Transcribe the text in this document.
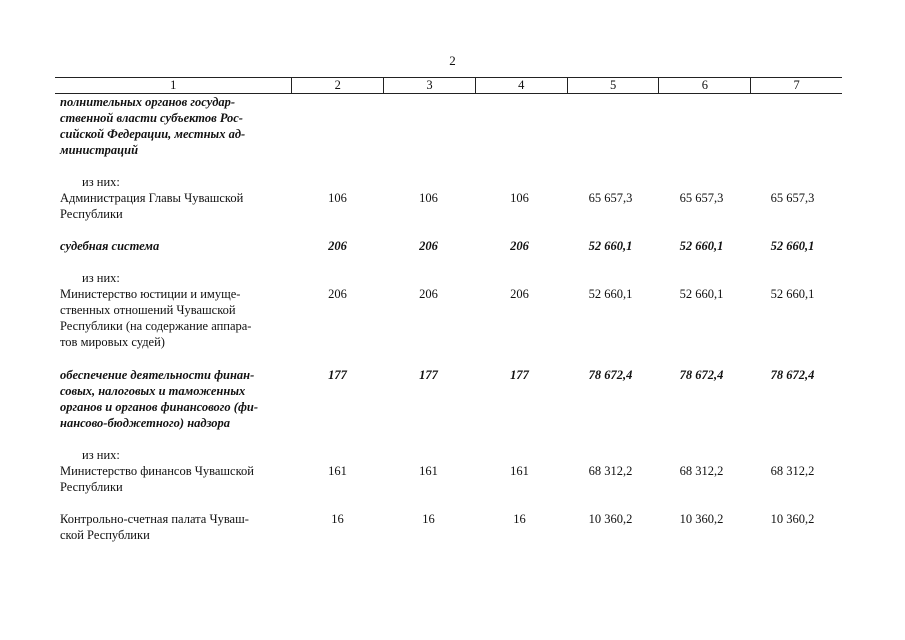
2
1	2	3	4	5	6	7
полнительных органов государ-
ственной власти субъектов Рос-
сийской Федерации, местных ад-
министраций
из них:
Администрация Главы Чувашской
Республики
106	106	106	65 657,3	65 657,3	65 657,3
судебная система	206	206	206	52 660,1	52 660,1	52 660,1
из них:
Министерство юстиции и имуще-
ственных отношений Чувашской
Республики (на содержание аппара-
тов мировых судей)
206	206	206	52 660,1	52 660,1	52 660,1
обеспечение деятельности финан-
совых, налоговых и таможенных
органов и органов финансового (фи-
нансово-бюджетного) надзора
177	177	177	78 672,4	78 672,4	78 672,4
из них:
Министерство финансов Чувашской
Республики
161	161	161	68 312,2	68 312,2	68 312,2
Контрольно-счетная палата Чуваш-
ской Республики
16	16	16	10 360,2	10 360,2	10 360,2
